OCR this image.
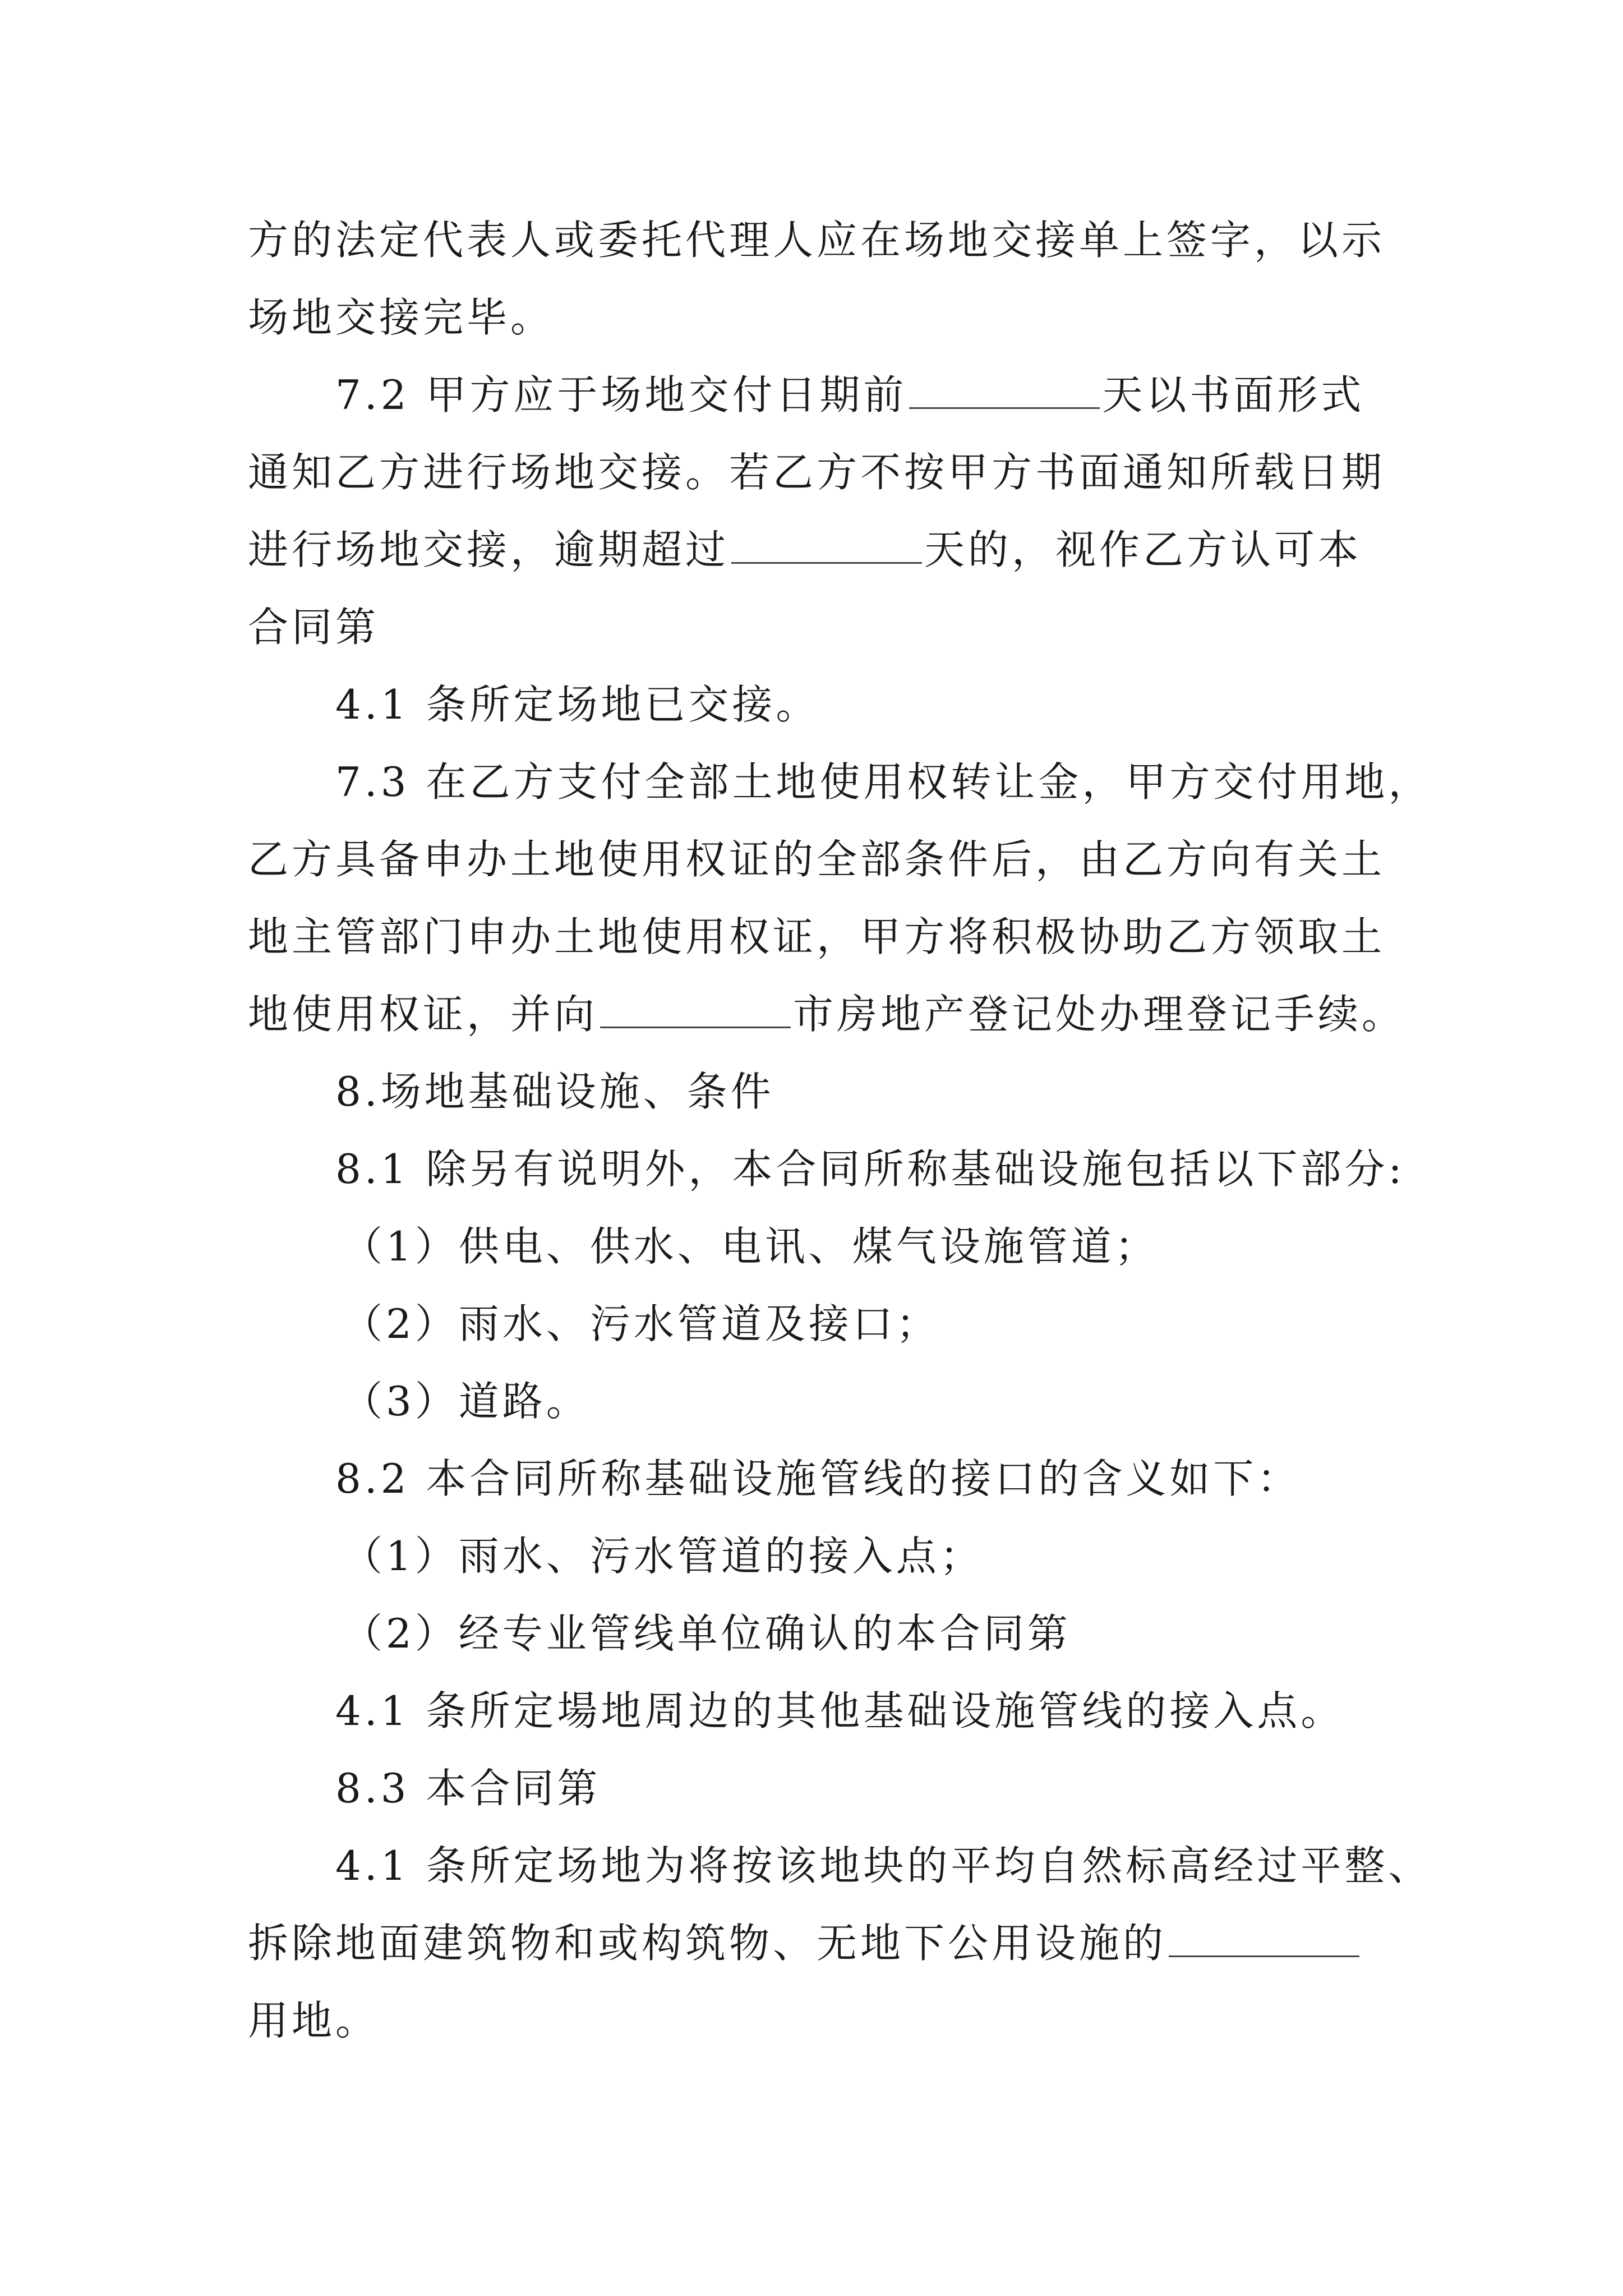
方的法定代表人或委托代理人应在场地交接单上签字，以示
场地交接完毕。
7.2 甲方应于场地交付日期前	天以书面形式
通知乙方进行场地交接。若乙方不按甲方书面通知所载日期
进行场地交接，逾期超过	天的，视作乙方认可本
合同第
4.1 条所定场地已交接。
7.3 在乙方支付全部土地使用权转让金，甲方交付用地，
乙方具备申办土地使用权证的全部条件后，由乙方向有关土
地主管部门申办土地使用权证，甲方将积极协助乙方领取土
地使用权证，并向	市房地产登记处办理登记手续。
8.场地基础设施、条件
8.1 除另有说明外，本合同所称基础设施包括以下部分:
（1）供电、供水、电讯、煤气设施管道；
（2）雨水、污水管道及接口；
（3）道路。
8.2 本合同所称基础设施管线的接口的含义如下：
（1）雨水、污水管道的接入点；
（2）经专业管线单位确认的本合同第
4.1 条所定場地周边的其他基础设施管线的接入点。
8.3 本合同第
4.1 条所定场地为将按该地块的平均自然标高经过平整、
拆除地面建筑物和或构筑物、无地下公用设施的
用地。
